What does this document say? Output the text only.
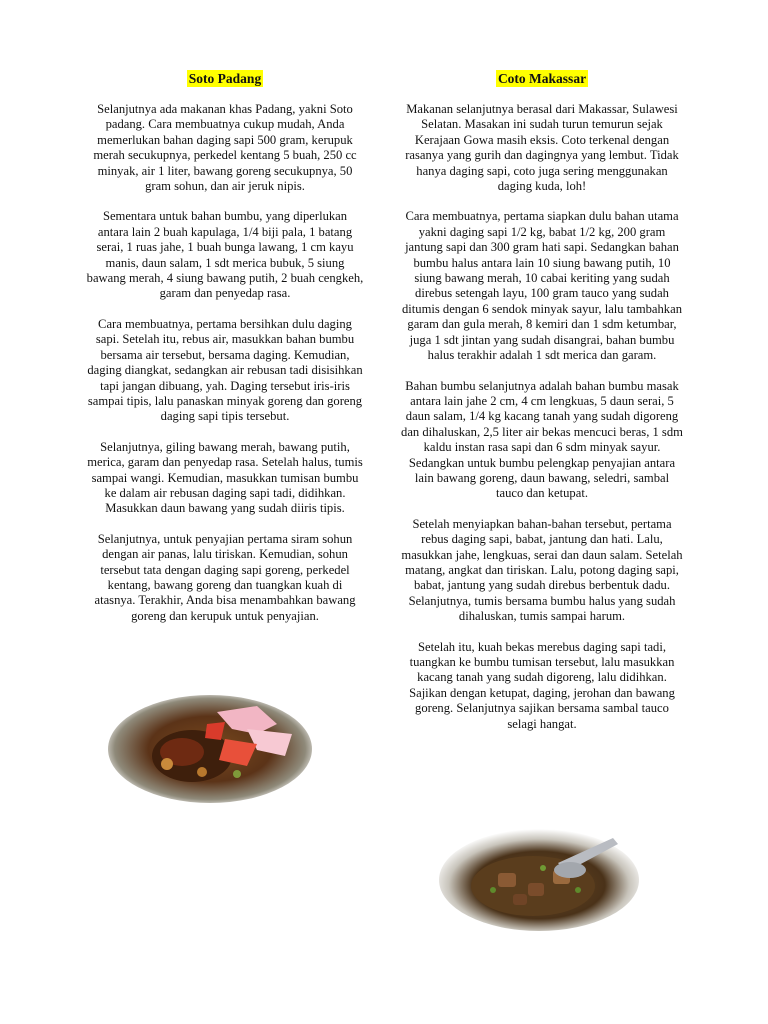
Soto Padang

Selanjutnya ada makanan khas Padang, yakni Soto padang. Cara membuatnya cukup mudah, Anda memerlukan bahan daging sapi 500 gram, kerupuk merah secukupnya, perkedel kentang 5 buah, 250 cc minyak, air 1 liter, bawang goreng secukupnya, 50 gram sohun, dan air jeruk nipis.

Sementara untuk bahan bumbu, yang diperlukan antara lain 2 buah kapulaga, 1/4 biji pala, 1 batang serai, 1 ruas jahe, 1 buah bunga lawang, 1 cm kayu manis, daun salam, 1 sdt merica bubuk, 5 siung bawang merah, 4 siung bawang putih, 2 buah cengkeh, garam dan penyedap rasa.

Cara membuatnya, pertama bersihkan dulu daging sapi. Setelah itu, rebus air, masukkan bahan bumbu bersama air tersebut, bersama daging. Kemudian, daging diangkat, sedangkan air rebusan tadi disisihkan tapi jangan dibuang, yah. Daging tersebut iris-iris sampai tipis, lalu panaskan minyak goreng dan goreng daging sapi tipis tersebut.

Selanjutnya, giling bawang merah, bawang putih, merica, garam dan penyedap rasa. Setelah halus, tumis sampai wangi. Kemudian, masukkan tumisan bumbu ke dalam air rebusan daging sapi tadi, didihkan. Masukkan daun bawang yang sudah diiris tipis.

Selanjutnya, untuk penyajian pertama siram sohun dengan air panas, lalu tiriskan. Kemudian, sohun tersebut tata dengan daging sapi goreng, perkedel kentang, bawang goreng dan tuangkan kuah di atasnya. Terakhir, Anda bisa menambahkan bawang goreng dan kerupuk untuk penyajian.

Coto Makassar

Makanan selanjutnya berasal dari Makassar, Sulawesi Selatan. Masakan ini sudah turun temurun sejak Kerajaan Gowa masih eksis. Coto terkenal dengan rasanya yang gurih dan dagingnya yang lembut. Tidak hanya daging sapi, coto juga sering menggunakan daging kuda, loh!

Cara membuatnya, pertama siapkan dulu bahan utama yakni daging sapi 1/2 kg, babat 1/2 kg, 200 gram jantung sapi dan 300 gram hati sapi. Sedangkan bahan bumbu halus antara lain 10 siung bawang putih, 10 siung bawang merah, 10 cabai keriting yang sudah direbus setengah layu, 100 gram tauco yang sudah ditumis dengan 6 sendok minyak sayur, lalu tambahkan garam dan gula merah, 8 kemiri dan 1 sdm ketumbar, juga 1 sdt jintan yang sudah disangrai, bahan bumbu halus terakhir adalah 1 sdt merica dan garam.

Bahan bumbu selanjutnya adalah bahan bumbu masak antara lain jahe 2 cm, 4 cm lengkuas, 5 daun serai, 5 daun salam, 1/4 kg kacang tanah yang sudah digoreng dan dihaluskan, 2,5 liter air bekas mencuci beras, 1 sdm kaldu instan rasa sapi dan 6 sdm minyak sayur. Sedangkan untuk bumbu pelengkap penyajian antara lain bawang goreng, daun bawang, seledri, sambal tauco dan ketupat.

Setelah menyiapkan bahan-bahan tersebut, pertama rebus daging sapi, babat, jantung dan hati. Lalu, masukkan jahe, lengkuas, serai dan daun salam. Setelah matang, angkat dan tiriskan. Lalu, potong daging sapi, babat, jantung yang sudah direbus berbentuk dadu. Selanjutnya, tumis bersama bumbu halus yang sudah dihaluskan, tumis sampai harum.

Setelah itu, kuah bekas merebus daging sapi tadi, tuangkan ke bumbu tumisan tersebut, lalu masukkan kacang tanah yang sudah digoreng, lalu didihkan. Sajikan dengan ketupat, daging, jerohan dan bawang goreng. Selanjutnya sajikan bersama sambal tauco selagi hangat.
